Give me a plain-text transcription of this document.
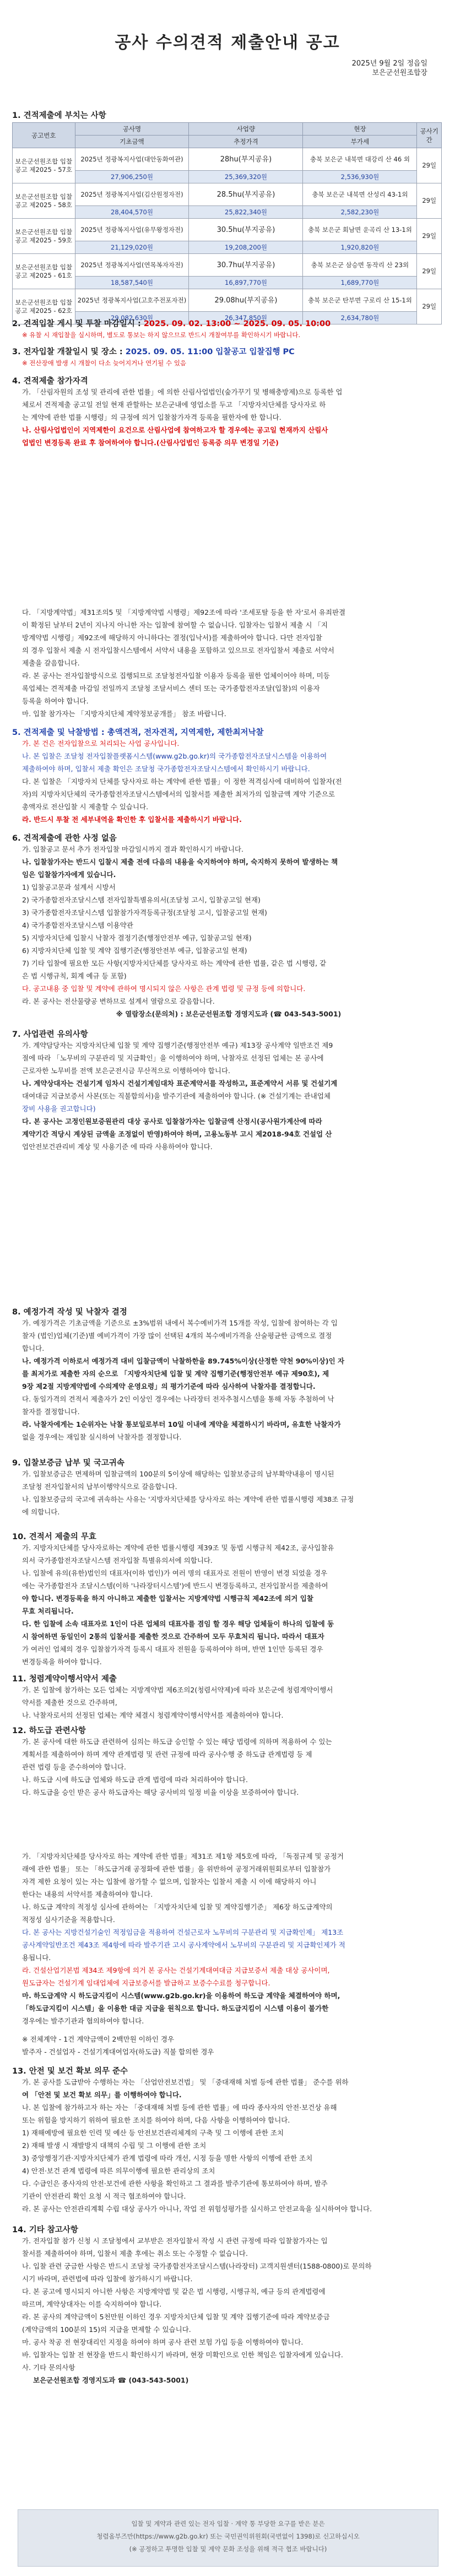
공사 수의견적 제출안내 공고
2025년 9월 2일 정읍일
보은군선원조합장
1. 견적제출에 부치는 사항
공고번호	공사명	사업량	현장	공사기간
	기초금액	추정가격	부가세	
보은군선원조합 입찰공고 제2025 - 57호	2025년 정광복지사업(대안동화여관)	28hu(부지공유)	충북 보은군 내북면 대강리 산 46 외	29일
	27,906,250원	25,369,320원	2,536,930원	
보은군선원조합 입찰공고 제2025 - 58호	2025년 정광복지사업(김산원정자전)	28.5hu(부지공유)	충북 보은군 내북면 산성리 43-1외	29일
	28,404,570원	25,822,340원	2,582,230원	
보은군선원조합 입찰공고 제2025 - 59호	2025년 정광복지사업(유무왕정자전)	30.5hu(부지공유)	충북 보은군 회남면 운곡리 산 13-1외	29일
	21,129,020원	19,208,200원	1,920,820원	
보은군선원조합 입찰공고 제2025 - 61호	2025년 정광복지사업(연목복자자전)	30.7hu(부지공유)	충북 보은군 삼승면 동작리 산 23외	29일
	18,587,540원	16,897,770원	1,689,770원	
보은군선원조합 입찰공고 제2025 - 62호	2025년 정광복지사업(고호주전포자전)	29.08hu(부지공유)	충북 보은군 탄부면 구로리 산 15-1외	29일
	29,082,630원	26,347,850원	2,634,780원	
2. 견적입찰 게시 및 투찰 마감일시 : 2025. 09. 02. 13:00 ~ 2025. 09. 05. 10:00
※ 유찰 시 재입찰을 실시하며, 별도로 통보는 하지 않으므로 반드시 개찰여부를 확인하시기 바랍니다.
3. 전자입찰 개찰일시 및 장소 : 2025. 09. 05. 11:00 입찰공고 입찰집행 PC
※ 전산장애 발생 시 개찰이 다소 늦어지거나 연기될 수 있음
4. 견적제출 참가자격
가. 「산림자원의 조성 및 관리에 관한 법률」에 의한 산림사업법인(숲가꾸기 및 병해충방제)으로 등록한 업
체로서 견적제출 공고일 전일 현재 관할하는 보은군내에 영업소를 두고 「지방자치단체를 당사자로 하
는 계약에 관한 법률 시행령」의 규정에 의거 입찰참가자격 등록을 필한자에 한 합니다.
나. 산림사업법인이 지역제한이 요건으로 산림사업에 참여하고자 할 경우에는 공고일 현재까지 산림사
업법인 변경등록 완료 후 참여하여야 합니다.(산림사업법인 등록증 의무 변경일 기준)
다. 「지방계약법」제31조의5 및 「지방계약법 시행령」제92조에 따라 '조세포탈 등을 한 자'로서 유죄판결
이 확정된 날부터 2년이 지나지 아니한 자는 입찰에 참여할 수 없습니다. 입찰자는 입찰서 제출 시 「지
방계약법 시행령」제92조에 해당하지 아니하다는 결정(입낙서)를 제출하여야 합니다. 다만 전자입찰
의 경우 입찰서 제출 시 전자입찰시스템에서 서약서 내용을 포함하고 있으므로 전자입찰서 제출로 서약서
제출을 갈음합니다.
라. 본 공사는 전자입찰방식으로 집행되므로 조달청전자입찰 이용자 등록을 필한 업체이어야 하며, 미등
록업체는 견적제출 마감일 전일까지 조달청 조달서비스 센터 또는 국가종합전자조달(입찰)의 이용자
등록을 하여야 합니다.
마. 입찰 참가자는 「지방자치단체 계약정보공개를」 참조 바랍니다.
5. 견적제출 및 낙찰방법 : 총액견적, 전자견적, 지역제한, 제한최저낙찰
가. 본 건은 전자입찰으로 처리되는 사업 공사입니다.
나. 본 입찰은 조달청 전자입찰플랫폼시스템(www.g2b.go.kr)의 국가종합전자조달시스템을 이용하여
제출하여야 하며, 입찰서 제출 확인은 조달청 국가종합전자조달시스템에서 확인하시기 바랍니다.
다. 본 입찰은 「지방자치 단체를 당사자로 하는 계약에 관한 법률」이 정한 적격심사에 대비하여 입찰자(전
자)의 지방자치단체의 국가종합전자조달시스템에서의 입찰서를 제출한 최저가의 입찰금액 계약 기준으로
총액자로 전산입찰 시 제출할 수 있습니다.
라. 반드시 투찰 전 세부내역을 확인한 후 입찰서를 제출하시기 바랍니다.
6. 견적제출에 관한 사정 없음
가. 입찰공고 문서 추가 전자입찰 마감일시까지 결과 확인하시기 바랍니다.
나. 입찰참가자는 반드시 입찰시 제출 전에 다음의 내용을 숙지하여야 하며, 숙지하지 못하여 발생하는 책
임은 입찰참가자에게 있습니다.
1) 입찰공고문과 설계서 시방서
2) 국가종합전자조달시스템 전자입찰특별유의서(조달청 고시, 입찰공고일 현재)
3) 국가종합전자조달시스템 입찰참가자격등록규정(조달청 고시, 입찰공고일 현재)
4) 국가종합전자조달시스템 이용약관
5) 지방자치단체 입찰시 낙찰자 결정기준(행정안전부 예규, 입찰공고일 현재)
6) 지방자치단체 입찰 및 계약 집행기준(행정안전부 예규, 입찰공고일 현재)
7) 기타 입찰에 필요한 모든 사항(지방자치단체를 당사자로 하는 계약에 관한 법률, 같은 법 시행령, 같
은 법 시행규칙, 회계 예규 등 포함)
다. 공고내용 중 입찰 및 계약에 관하여 명시되지 않은 사항은 관계 법령 및 규정 등에 의합니다.
라. 본 공사는 전산물량공 변하므로 설계서 열람으로 갈음합니다.
※ 열람장소(문의처) : 보은군선원조합 경영지도과 (☎ 043-543-5001)
7. 사업관련 유의사항
가. 계약담당자는 지방자치단체 입찰 및 계약 집행기준(행정안전부 예규) 제13장 공사계약 일반조건 제9
절에 따라 「노무비의 구분관리 및 지급확인」을 이행하여야 하며, 낙찰자로 선정된 업체는 본 공사에
근로자한 노무비를 전액 보은군전시금 무산적으로 이행하여야 합니다.
나. 계약상대자는 건설기계 임차시 건설기계임대차 표준계약서를 작성하고, 표준계약서 서류 및 건설기계
대여대금 지급보증서 사본(또는 직불합의서)을 발주기관에 제출하여야 합니다. (※ 건설기계는 관내업체
장비 사용을 권고합니다)
다. 본 공사는 고정인원보증원관리 대상 공사로 입찰참가자는 입찰금액 산정시(공사원가계산에 따라
계약기간 적당시 계상된 금액을 조정없이 반영)하여야 하며, 고용노동부 고시 제2018-94호 건설업 산
업안전보건관리비 계상 및 사용기준 에 따라 사용하여야 합니다.
8. 예정가격 작성 및 낙찰자 결정
가. 예정가격은 기초금액을 기준으로 ±3%범위 내에서 복수예비가격 15개를 작성, 입찰에 참여하는 각 입
찰자 (법인)업체(기준)별 예비가격이 가장 많이 선택된 4개의 복수예비가격을 산술평균한 금액으로 결정
합니다.
나. 예정가격 이하로서 예정가격 대비 입찰금액이 낙찰하한율 89.745%이상(산정한 약천 90%이상)인 자
를 최저가로 제출한 자의 순으로 「지방자치단체 입찰 및 계약 집행기준(행정안전부 예규 제90호), 제
9장 제2절 지방계약법에 수의계약 운영요령」의 평가기준에 따라 심사하여 낙찰자를 결정합니다.
다. 동일가격의 견적서 제출자가 2인 이상인 경우에는 나라장터 전자추첨시스템을 통해 자동 추첨하여 낙
찰자를 결정합니다.
라. 낙찰자에게는 1순위자는 낙찰 통보일로부터 10일 이내에 계약을 체결하시기 바라며, 유효한 낙찰자가
없을 경우에는 재입찰 실시하여 낙찰자를 결정합니다.
9. 입찰보증금 납부 및 국고귀속
가. 입찰보증금은 면제하며 입찰금액의 100분의 5이상에 해당하는 입찰보증금의 납부확약내용이 명시된
조달청 전자입찰서의 납부이행약식으로 갈음합니다.
나. 입찰보증금의 국고에 귀속하는 사유는 '지방자치단체를 당사자로 하는 계약에 관한 법률시행령 제38조 규정
에 의합니다.
10. 견적서 제출의 무효
가. 지방자치단체를 당사자로하는 계약에 관한 법률시행령 제39조 및 동법 시행규칙 제42조, 공사입찰유
의서 국가종합전자조달시스템 전자입찰 특별유의서에 의합니다.
나. 입찰에 유의(유한)법인의 대표자(이하 법인)가 여러 명의 대표자로 전원이 반영이 변경 되었을 경우
에는 국가종합전자 조달시스템(이하 '나라장터시스템')에 반드시 변경등록하고, 전자입찰서를 제출하여
야 합니다. 변경등록을 하지 아니하고 제출한 입찰서는 지방계약법 시행규칙 제42조에 의거 입찰
무효 처리됩니다.
다. 한 입찰에 소속 대표자로 1인이 다른 업체의 대표자를 겸임 할 경우 해당 업체들이 하나의 입찰에 동
시 참여하면 동일인이 2통의 입찰서를 제출한 것으로 간주하여 모두 무효처리 됩니다. 따라서 대표자
가 여러인 업체의 경우 입찰참가자격 등록시 대표자 전원을 등록하여야 하며, 반면 1인만 등록된 경우
변경등록을 하여야 합니다.
11. 청렴계약이행서약서 제출
가. 본 입찰에 참가하는 모든 업체는 지방계약법 제6조의2(청렴서약제)에 따라 보은군에 청렴계약이행서
약서를 제출한 것으로 간주하며,
나. 낙찰자로서의 선정된 업체는 계약 체결시 청렴계약이행서약서를 제출하여야 합니다.
12. 하도급 관련사항
가. 본 공사에 대한 하도급 관련하여 심의는 하도급 승인할 수 있는 해당 법령에 의하며 적용하여 수 있는
계획서를 제출하여야 하며 계약 관계법령 및 관련 규정에 따라 공사수행 중 하도급 관계법령 등 제
관련 법령 등을 준수하여야 합니다.
나. 하도급 시에 하도급 업체와 하도급 관계 법령에 따라 처리하여야 합니다.
다. 하도급을 승인 받은 공사 하도급자는 해당 공사비의 일정 비율 이상을 보증하여야 합니다.
가. 「지방자치단체를 당사자로 하는 계약에 관한 법률」제31조 제1항 제5호에 따라, 「독점규제 및 공정거
래에 관한 법률」 또는 「하도급거래 공정화에 관한 법률」을 위반하여 공정거래위원회로부터 입찰참가
자격 제한 요청이 있는 자는 입찰에 참가할 수 없으며, 입찰자는 입찰서 제출 시 이에 해당하지 아니
한다는 내용의 서약서를 제출하여야 합니다.
나. 하도급 계약의 적정성 심사에 관하여는 「지방자치단체 입찰 및 계약집행기준」 제6장 하도급계약의
적정성 심사기준을 적용합니다.
다. 본 공사는 지방건설기술인 적정임금을 적용하여 건설근로자 노무비의 구분관리 및 지급확인제」 제13조
공사계약일반조건 제43조 제4항에 따라 발주기관 고시 공사계약에서 노무비의 구분관리 및 지급확인제가 적
용됩니다.
라. 건설산업기본법 제34조 제9항에 의거 본 공사는 건설기계대여대금 지급보증서 제출 대상 공사이며,
원도급자는 건설기계 임대업체에 지급보증서를 발급하고 보증수수료를 청구합니다.
마. 하도급계약 시 하도급지킴이 시스템(www.g2b.go.kr)을 이용하여 하도급 계약을 체결하여야 하며,
「하도급지킴이 시스템」을 이용한 대금 지급을 원칙으로 합니다. 하도급지킴이 시스템 이용이 불가한
경우에는 발주기관과 협의하여야 합니다.
※ 전체계약 - 1건 계약금액이 2백만원 이하인 경우
발주자 - 건설업자 - 건설기계대여업자(하도급) 직불 합의한 경우
13. 안전 및 보건 확보 의무 준수
가. 본 공사를 도급받아 수행하는 자는 「산업안전보건법」 및 「중대재해 처벌 등에 관한 법률」 준수를 위하
여 「안전 및 보건 확보 의무」를 이행하여야 합니다.
나. 본 입찰에 참가하고자 하는 자는 「중대재해 처벌 등에 관한 법률」에 따라 종사자의 안전·보건상 유해
또는 위험을 방지하기 위하여 필요한 조치를 하여야 하며, 다음 사항을 이행하여야 합니다.
1) 재해예방에 필요한 인력 및 예산 등 안전보건관리체계의 구축 및 그 이행에 관한 조치
2) 재해 발생 시 재발방지 대책의 수립 및 그 이행에 관한 조치
3) 중앙행정기관·지방자치단체가 관계 법령에 따라 개선, 시정 등을 명한 사항의 이행에 관한 조치
4) 안전·보건 관계 법령에 따른 의무이행에 필요한 관리상의 조치
다. 수급인은 종사자의 안전·보건에 관한 사항을 확인하고 그 결과를 발주기관에 통보하여야 하며, 발주
기관이 안전관리 확인 요청 시 적극 협조하여야 합니다.
라. 본 공사는 안전관리계획 수립 대상 공사가 아니나, 작업 전 위험성평가를 실시하고 안전교육을 실시하여야 합니다.
14. 기타 참고사항
가. 전자입찰 참가 신청 시 조달청에서 교부받은 전자입찰서 작성 시 관련 규정에 따라 입찰참가자는 입
찰서를 제출하여야 하며, 입찰서 제출 후에는 취소 또는 수정할 수 없습니다.
나. 입찰 관련 궁금한 사항은 반드시 조달청 국가종합전자조달시스템(나라장터) 고객지원센터(1588-0800)로 문의하
시기 바라며, 관련법에 따라 입찰에 참가하시기 바랍니다.
다. 본 공고에 명시되지 아니한 사항은 지방계약법 및 같은 법 시행령, 시행규칙, 예규 등의 관계법령에
따르며, 계약상대자는 이를 숙지하여야 합니다.
라. 본 공사의 계약금액이 5천만원 이하인 경우 지방자치단체 입찰 및 계약 집행기준에 따라 계약보증금
(계약금액의 100분의 15)의 지급을 면제할 수 있습니다.
마. 공사 착공 전 현장대리인 지정을 하여야 하며 공사 관련 보험 가입 등을 이행하여야 합니다.
바. 입찰자는 입찰 전 현장을 반드시 확인하시기 바라며, 현장 미확인으로 인한 책임은 입찰자에게 있습니다.
사. 기타 문의사항
보은군선원조합 경영지도과 ☎ (043-543-5001)
입찰 및 계약과 관련 있는 전자 입찰 · 계약 통 부당한 요구를 받은 분은
청렴옴부즈만(https://www.g2b.go.kr) 또는 국민권익위원회(국번없이 1398)로 신고하십시오
(※ 공정하고 투명한 입찰 및 계약 문화 조성을 위해 적극 협조 바랍니다)
